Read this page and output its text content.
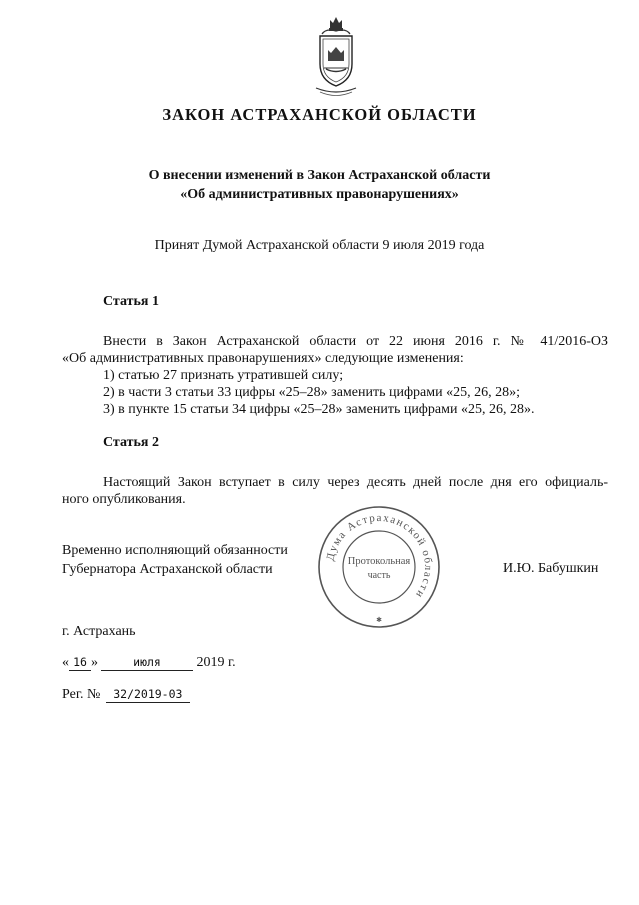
ЗАКОН АСТРАХАНСКОЙ ОБЛАСТИ
О внесении изменений в Закон Астраханской области
«Об административных правонарушениях»
Принят Думой Астраханской области 9 июля 2019 года
Статья 1
Внести в Закон Астраханской области от 22 июня 2016 г. № 41/2016-ОЗ
«Об административных правонарушениях» следующие изменения:
1) статью 27 признать утратившей силу;
2) в части 3 статьи 33 цифры «25–28» заменить цифрами «25, 26, 28»;
3) в пункте 15 статьи 34 цифры «25–28» заменить цифрами «25, 26, 28».
Статья 2
Настоящий Закон вступает в силу через десять дней после дня его официаль-
ного опубликования.
Временно исполняющий обязанности
Губернатора Астраханской области	И.Ю. Бабушкин
Дума Астраханской области
Протокольная
часть
✱
г. Астрахань
« 16 »	июля	2019 г.
Рег. № 32/2019-03
